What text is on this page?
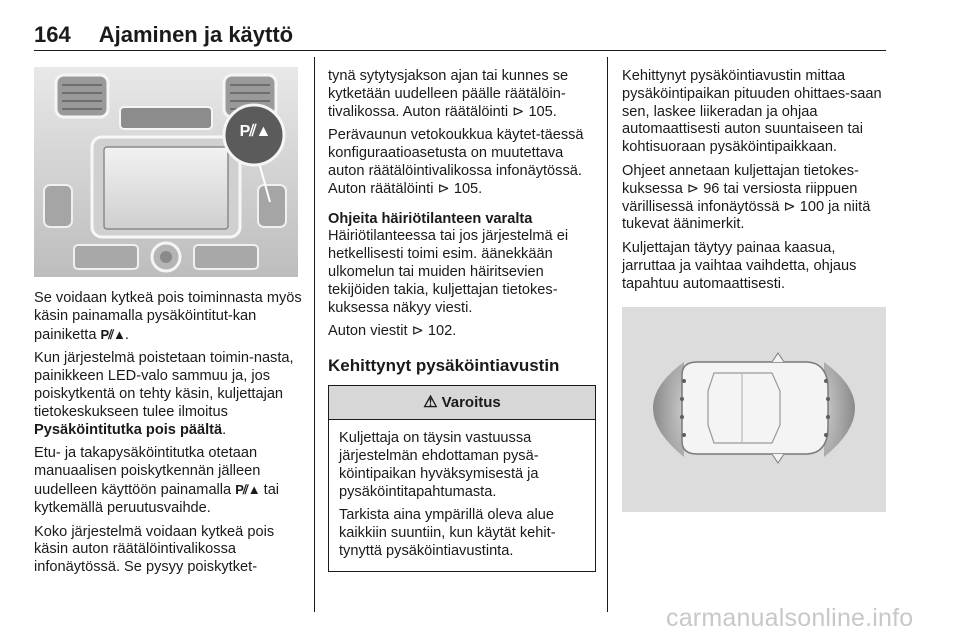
164 Ajaminen ja käyttö
P⫽▲

Se voidaan kytkeä pois toiminnasta myös käsin painamalla pysäköintitut-kan painiketta P⫽▲.

Kun järjestelmä poistetaan toimin-nasta, painikkeen LED-valo sammuu ja, jos poiskytkentä on tehty käsin, kuljettajan tietokeskukseen tulee ilmoitus Pysäköintitutka pois päältä.

Etu- ja takapysäköintitutka otetaan manuaalisen poiskytkennän jälleen uudelleen käyttöön painamalla P⫽▲ tai kytkemällä peruutusvaihde.

Koko järjestelmä voidaan kytkeä pois käsin auton räätälöintivalikossa infonäytössä. Se pysyy poiskytket-

tynä sytytysjakson ajan tai kunnes se kytketään uudelleen päälle räätälöin-tivalikossa. Auton räätälöinti ⊳ 105.

Perävaunun vetokoukkua käytet-täessä konfiguraatioasetusta on muutettava auton räätälöintivalikossa infonäytössä. Auton räätälöinti ⊳ 105.

Ohjeita häiriötilanteen varalta

Häiriötilanteessa tai jos järjestelmä ei hetkellisesti toimi esim. äänekkään ulkomelun tai muiden häiritsevien tekijöiden takia, kuljettajan tietokes-kuksessa näkyy viesti.

Auton viestit ⊳ 102.

Kehittynyt pysäköintiavustin
⚠ Varoitus

Kuljettaja on täysin vastuussa järjestelmän ehdottaman pysä-köintipaikan hyväksymisestä ja pysäköintitapahtumasta.

Tarkista aina ympärillä oleva alue kaikkiin suuntiin, kun käytät kehit-tynyttä pysäköintiavustinta.

Kehittynyt pysäköintiavustin mittaa pysäköintipaikan pituuden ohittaes-saan sen, laskee liikeradan ja ohjaa automaattisesti auton suuntaiseen tai kohtisuoraan pysäköintipaikkaan.

Ohjeet annetaan kuljettajan tietokes-kuksessa ⊳ 96 tai versiosta riippuen värillisessä infonäytössä ⊳ 100 ja niitä tukevat äänimerkit.

Kuljettajan täytyy painaa kaasua, jarruttaa ja vaihtaa vaihdetta, ohjaus tapahtuu automaattisesti.

carmanualsonline.info
